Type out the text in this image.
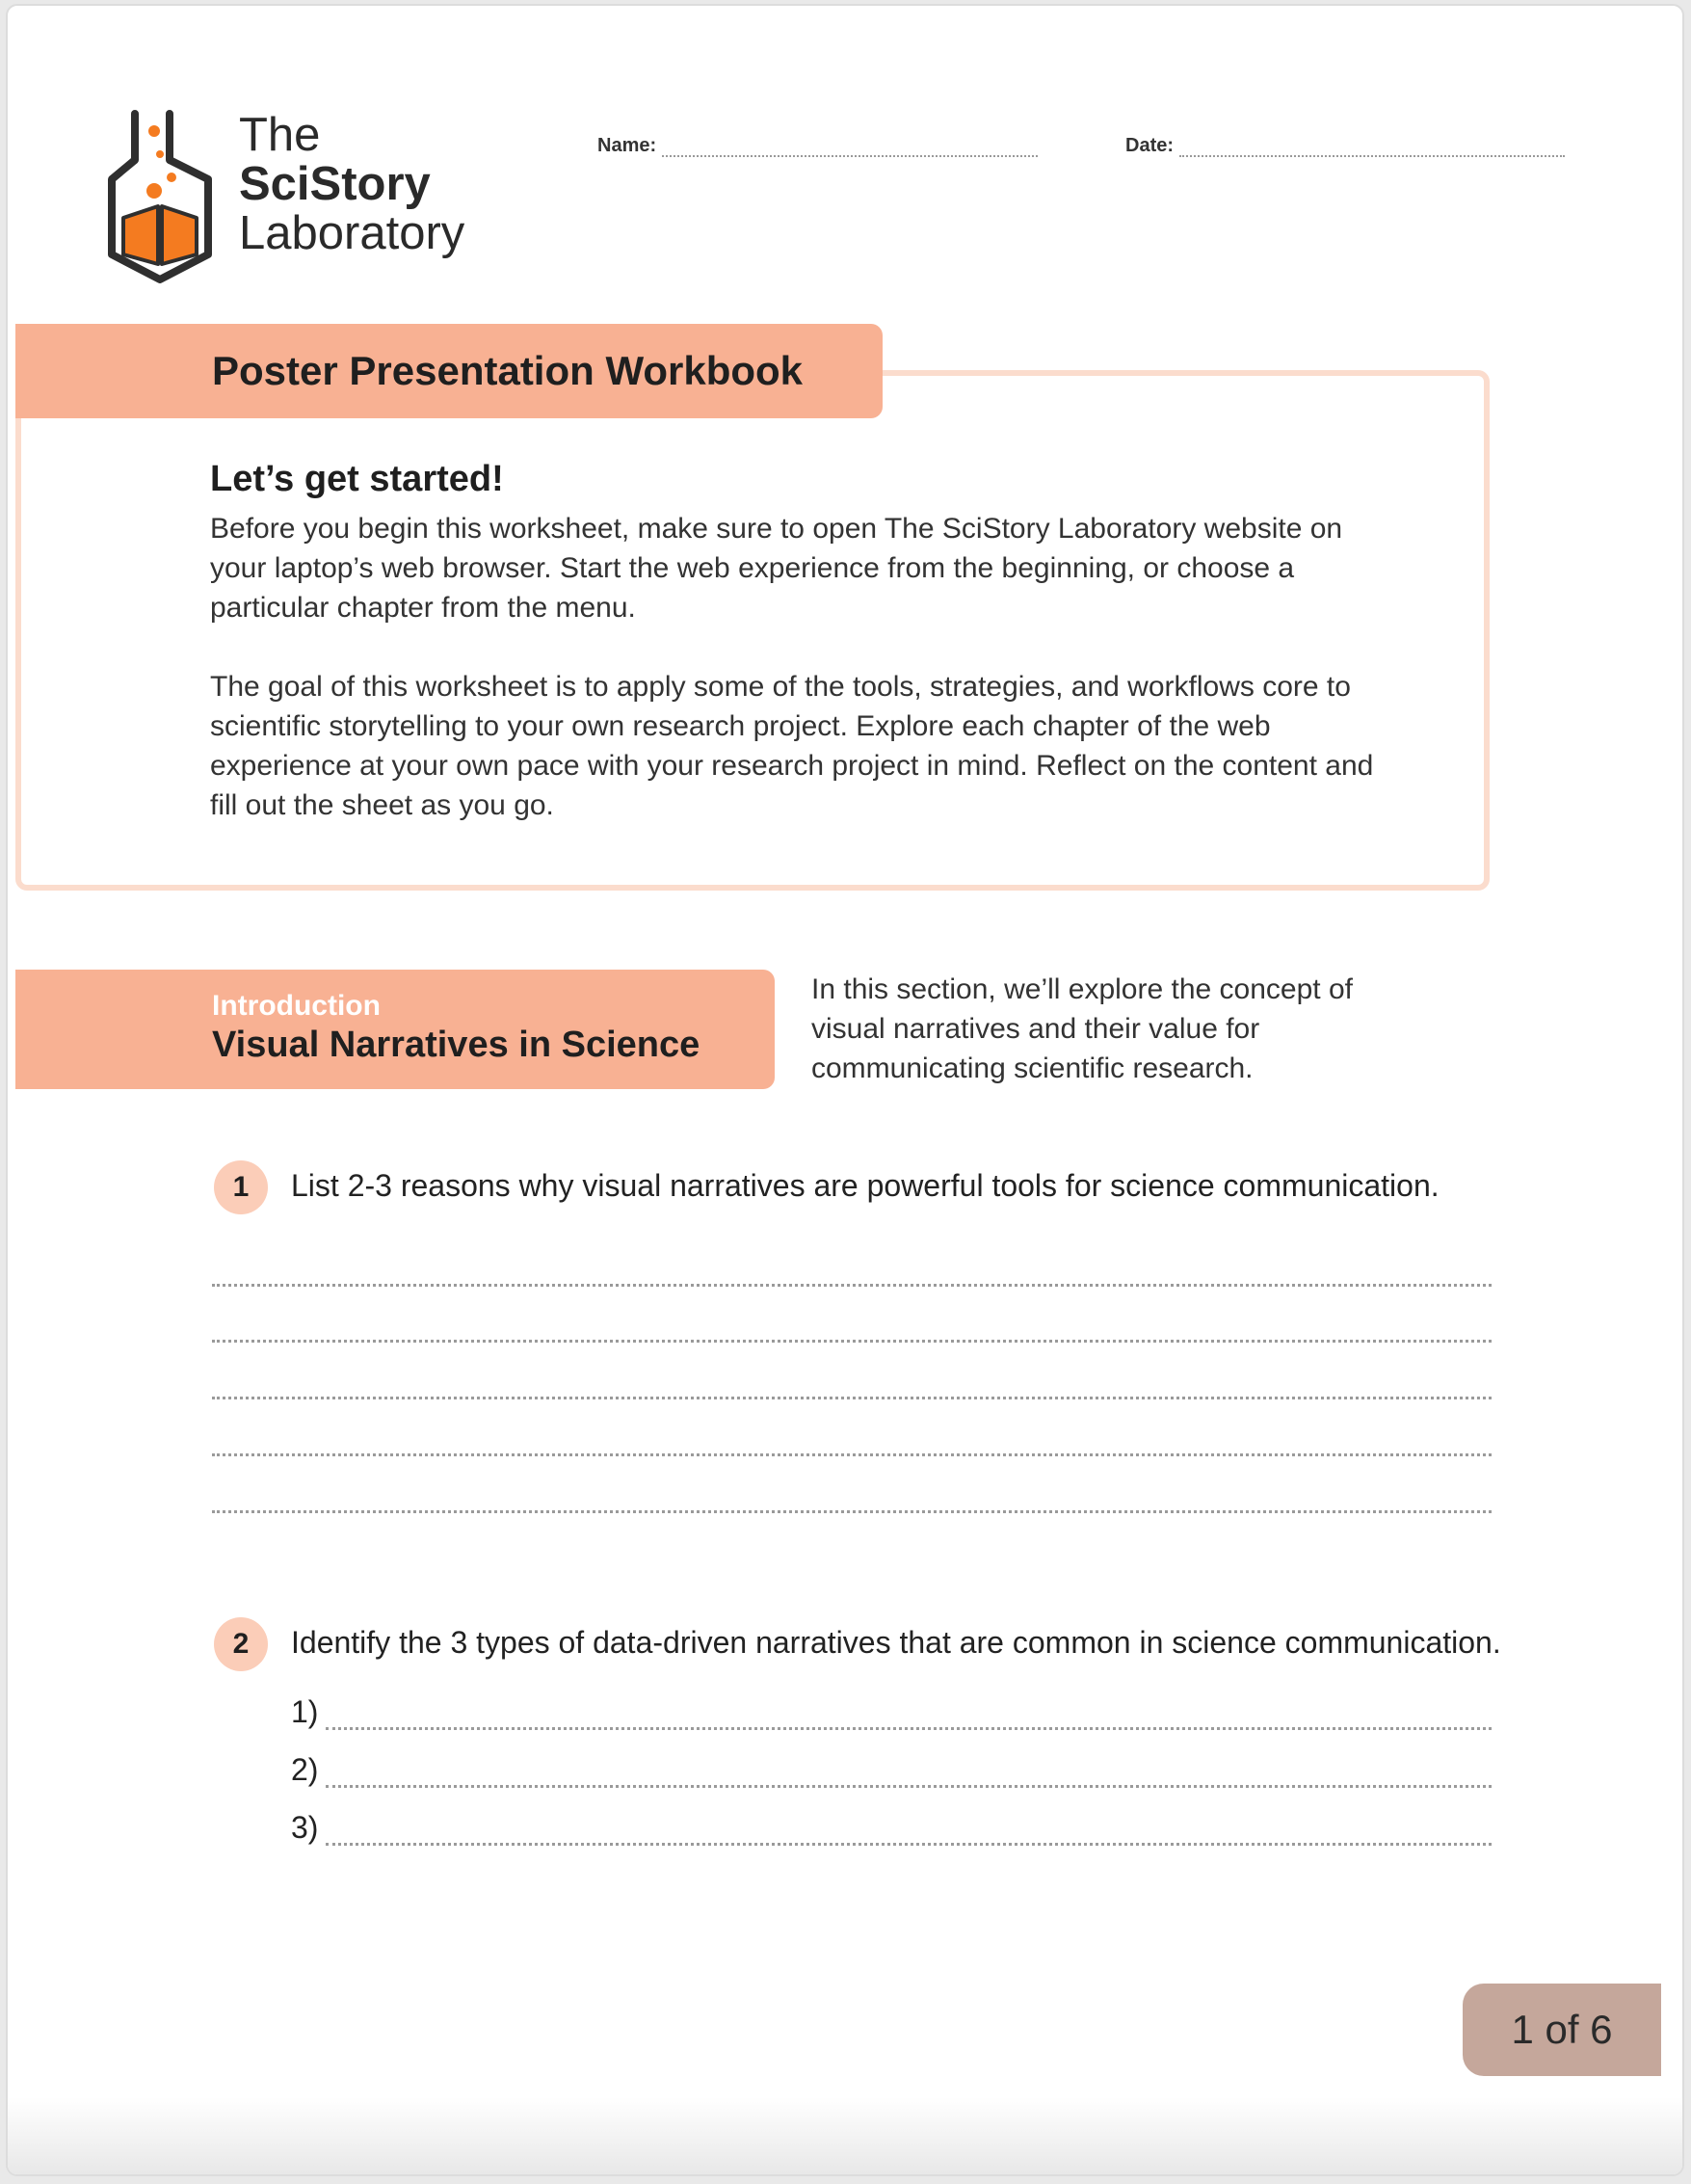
The
SciStory
Laboratory
Name:	Date:
Poster Presentation Workbook
Let’s get started!
Before you begin this worksheet, make sure to open The SciStory Laboratory website on your laptop’s web browser. Start the web experience from the beginning, or choose a particular chapter from the menu.
The goal of this worksheet is to apply some of the tools, strategies, and workflows core to scientific storytelling to your own research project. Explore each chapter of the web experience at your own pace with your research project in mind. Reflect on the content and fill out the sheet as you go.
Introduction
Visual Narratives in Science
In this section, we’ll explore the concept of visual narratives and their value for communicating scientific research.
1	List 2-3 reasons why visual narratives are powerful tools for science communication.
2	Identify the 3 types of data-driven narratives that are common in science communication.
1)
2)
3)
1 of 6
